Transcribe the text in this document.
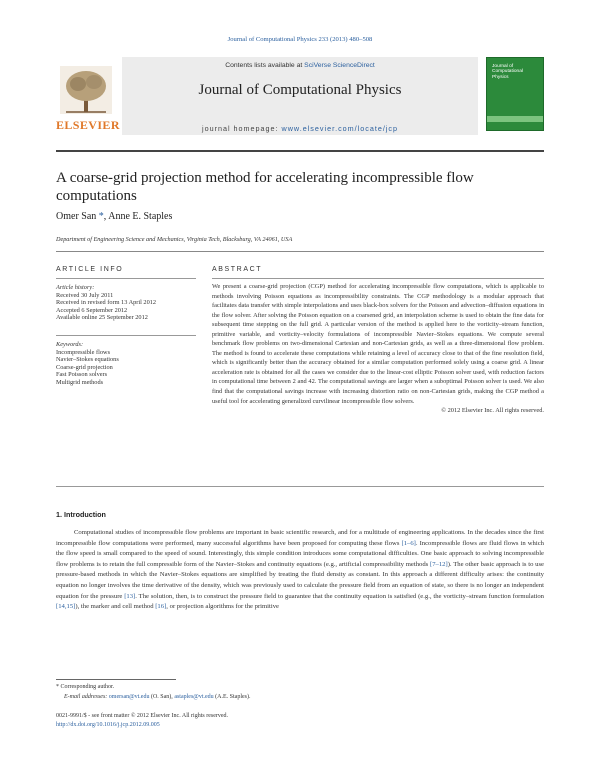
Journal of Computational Physics 233 (2013) 480–508
Contents lists available at SciVerse ScienceDirect
Journal of Computational Physics
journal homepage: www.elsevier.com/locate/jcp
ELSEVIER
Journal of Computational Physics
A coarse-grid projection method for accelerating incompressible flow computations
Omer San *, Anne E. Staples
Department of Engineering Science and Mechanics, Virginia Tech, Blacksburg, VA 24061, USA
ARTICLE INFO	ABSTRACT
Article history:
Received 30 July 2011
Received in revised form 13 April 2012
Accepted 6 September 2012
Available online 25 September 2012
Keywords:
Incompressible flows
Navier–Stokes equations
Coarse-grid projection
Fast Poisson solvers
Multigrid methods
We present a coarse-grid projection (CGP) method for accelerating incompressible flow computations, which is applicable to methods involving Poisson equations as incompressibility constraints. The CGP methodology is a modular approach that facilitates data transfer with simple interpolations and uses black-box solvers for the Poisson and advection–diffusion equations in the flow solver. After solving the Poisson equation on a coarsened grid, an interpolation scheme is used to obtain the fine data for subsequent time stepping on the full grid. A particular version of the method is applied here to the vorticity–stream function, primitive variable, and vorticity–velocity formulations of incompressible Navier–Stokes equations. We compute several benchmark flow problems on two-dimensional Cartesian and non-Cartesian grids, as well as a three-dimensional flow problem. The method is found to accelerate these computations while retaining a level of accuracy close to that of the fine resolution field, which is significantly better than the accuracy obtained for a similar computation performed solely using a coarse grid. A linear acceleration rate is obtained for all the cases we consider due to the linear-cost elliptic Poisson solver used, with reduction factors in computational time between 2 and 42. The computational savings are larger when a suboptimal Poisson solver is used. We also find that the computational savings increase with increasing distortion ratio on non-Cartesian grids, making the CGP method a useful tool for accelerating generalized curvilinear incompressible flow solvers.
© 2012 Elsevier Inc. All rights reserved.
1. Introduction
Computational studies of incompressible flow problems are important in basic scientific research, and for a multitude of engineering applications. In the decades since the first incompressible flow computations were performed, many successful algorithms have been proposed for computing these flows [1–6]. Incompressible flows are fluid flows in which the flow speed is small compared to the speed of sound. Interestingly, this simple condition introduces some computational difficulties. One basic approach to solving incompressible flow problems is to retain the full compressible form of the Navier–Stokes and continuity equations (e.g., artificial compressibility methods [7–12]). The other basic approach is to use pressure-based methods in which the Navier–Stokes equations are simplified by treating the fluid density as constant. In this approach a different difficulty arises: the continuity equation no longer involves the time derivative of the density, which was previously used to calculate the pressure field from an equation of state, so there is no longer an independent equation for the pressure [13]. The solution, then, is to construct the pressure field to guarantee that the continuity equation is satisfied (e.g., the vorticity–stream function formulation [14,15]), the marker and cell method [16], or projection algorithms for the primitive
* Corresponding author.
E-mail addresses: omersan@vt.edu (O. San), astaples@vt.edu (A.E. Staples).
0021-9991/$ - see front matter © 2012 Elsevier Inc. All rights reserved.
http://dx.doi.org/10.1016/j.jcp.2012.09.005
